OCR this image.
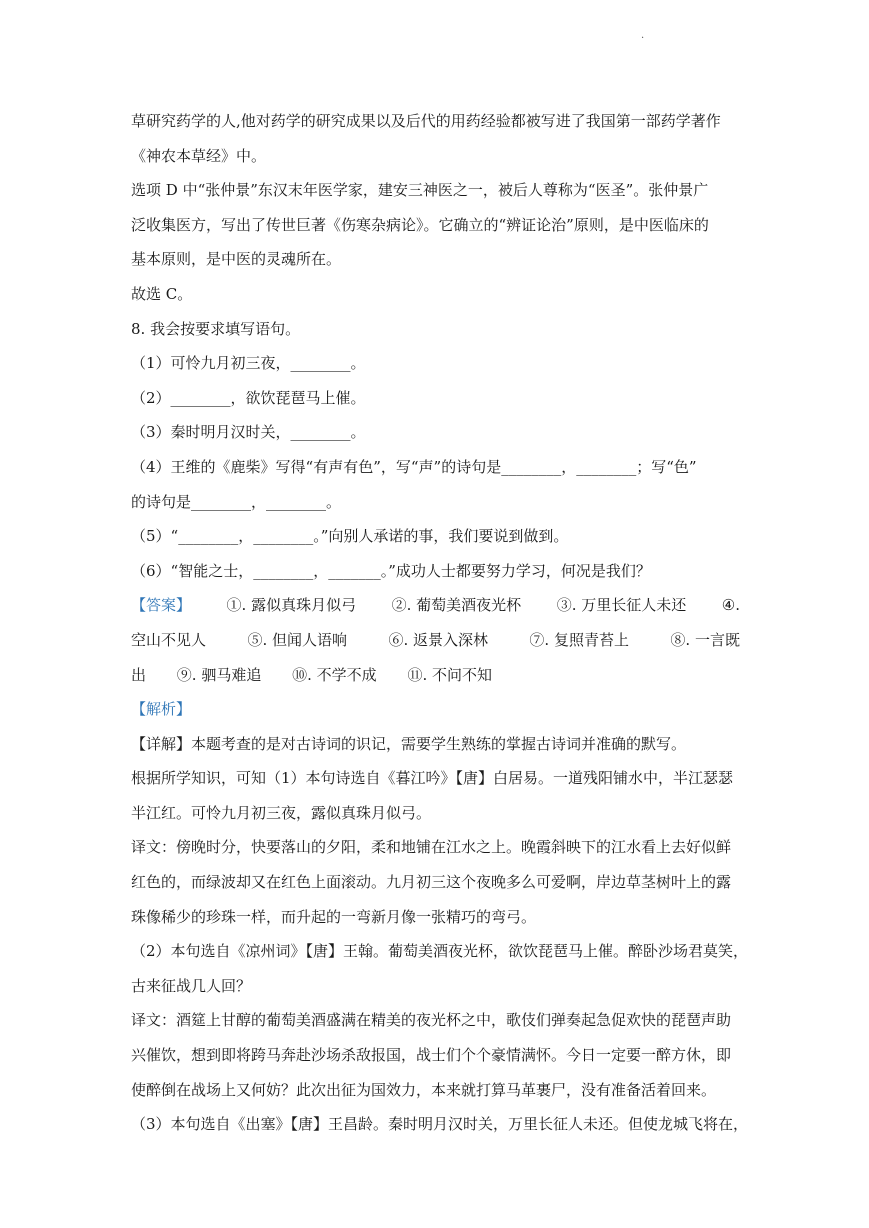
.

草研究药学的人,他对药学的研究成果以及后代的用药经验都被写进了我国第一部药学著作

《神农本草经》中。

选项 D 中“张仲景”东汉末年医学家，建安三神医之一，被后人尊称为“医圣”。张仲景广

泛收集医方，写出了传世巨著《伤寒杂病论》。它确立的“辨证论治”原则，是中医临床的

基本原则，是中医的灵魂所在。

故选 C。

8. 我会按要求填写语句。

（1）可怜九月初三夜，________。

（2）________，欲饮琵琶马上催。

（3）秦时明月汉时关，________。

（4）王维的《鹿柴》写得“有声有色”，写“声”的诗句是________，________；写“色”

的诗句是________，________。

（5）“________，________。”向别人承诺的事，我们要说到做到。

（6）“智能之士，________，_______。”成功人士都要努力学习，何况是我们？

【答案】 ①. 露似真珠月似弓 ②. 葡萄美酒夜光杯 ③. 万里长征人未还 ④.
空山不见人	⑤. 但闻人语响	⑥. 返景入深林	⑦. 复照青苔上	⑧. 一言既
出 ⑨. 驷马难追 ⑩. 不学不成 ⑪. 不问不知

【解析】

【详解】本题考查的是对古诗词的识记，需要学生熟练的掌握古诗词并准确的默写。

根据所学知识，可知（1）本句诗选自《暮江吟》【唐】白居易。一道残阳铺水中，半江瑟瑟

半江红。可怜九月初三夜，露似真珠月似弓。

译文：傍晚时分，快要落山的夕阳，柔和地铺在江水之上。晚霞斜映下的江水看上去好似鲜

红色的，而绿波却又在红色上面滚动。九月初三这个夜晚多么可爱啊，岸边草茎树叶上的露

珠像稀少的珍珠一样，而升起的一弯新月像一张精巧的弯弓。

（2）本句选自《凉州词》【唐】王翰。葡萄美酒夜光杯，欲饮琵琶马上催。醉卧沙场君莫笑，

古来征战几人回？

译文：酒筵上甘醇的葡萄美酒盛满在精美的夜光杯之中，歌伎们弹奏起急促欢快的琵琶声助

兴催饮，想到即将跨马奔赴沙场杀敌报国，战士们个个豪情满怀。今日一定要一醉方休，即

使醉倒在战场上又何妨？此次出征为国效力，本来就打算马革裹尸，没有准备活着回来。

（3）本句选自《出塞》【唐】王昌龄。秦时明月汉时关，万里长征人未还。但使龙城飞将在，
